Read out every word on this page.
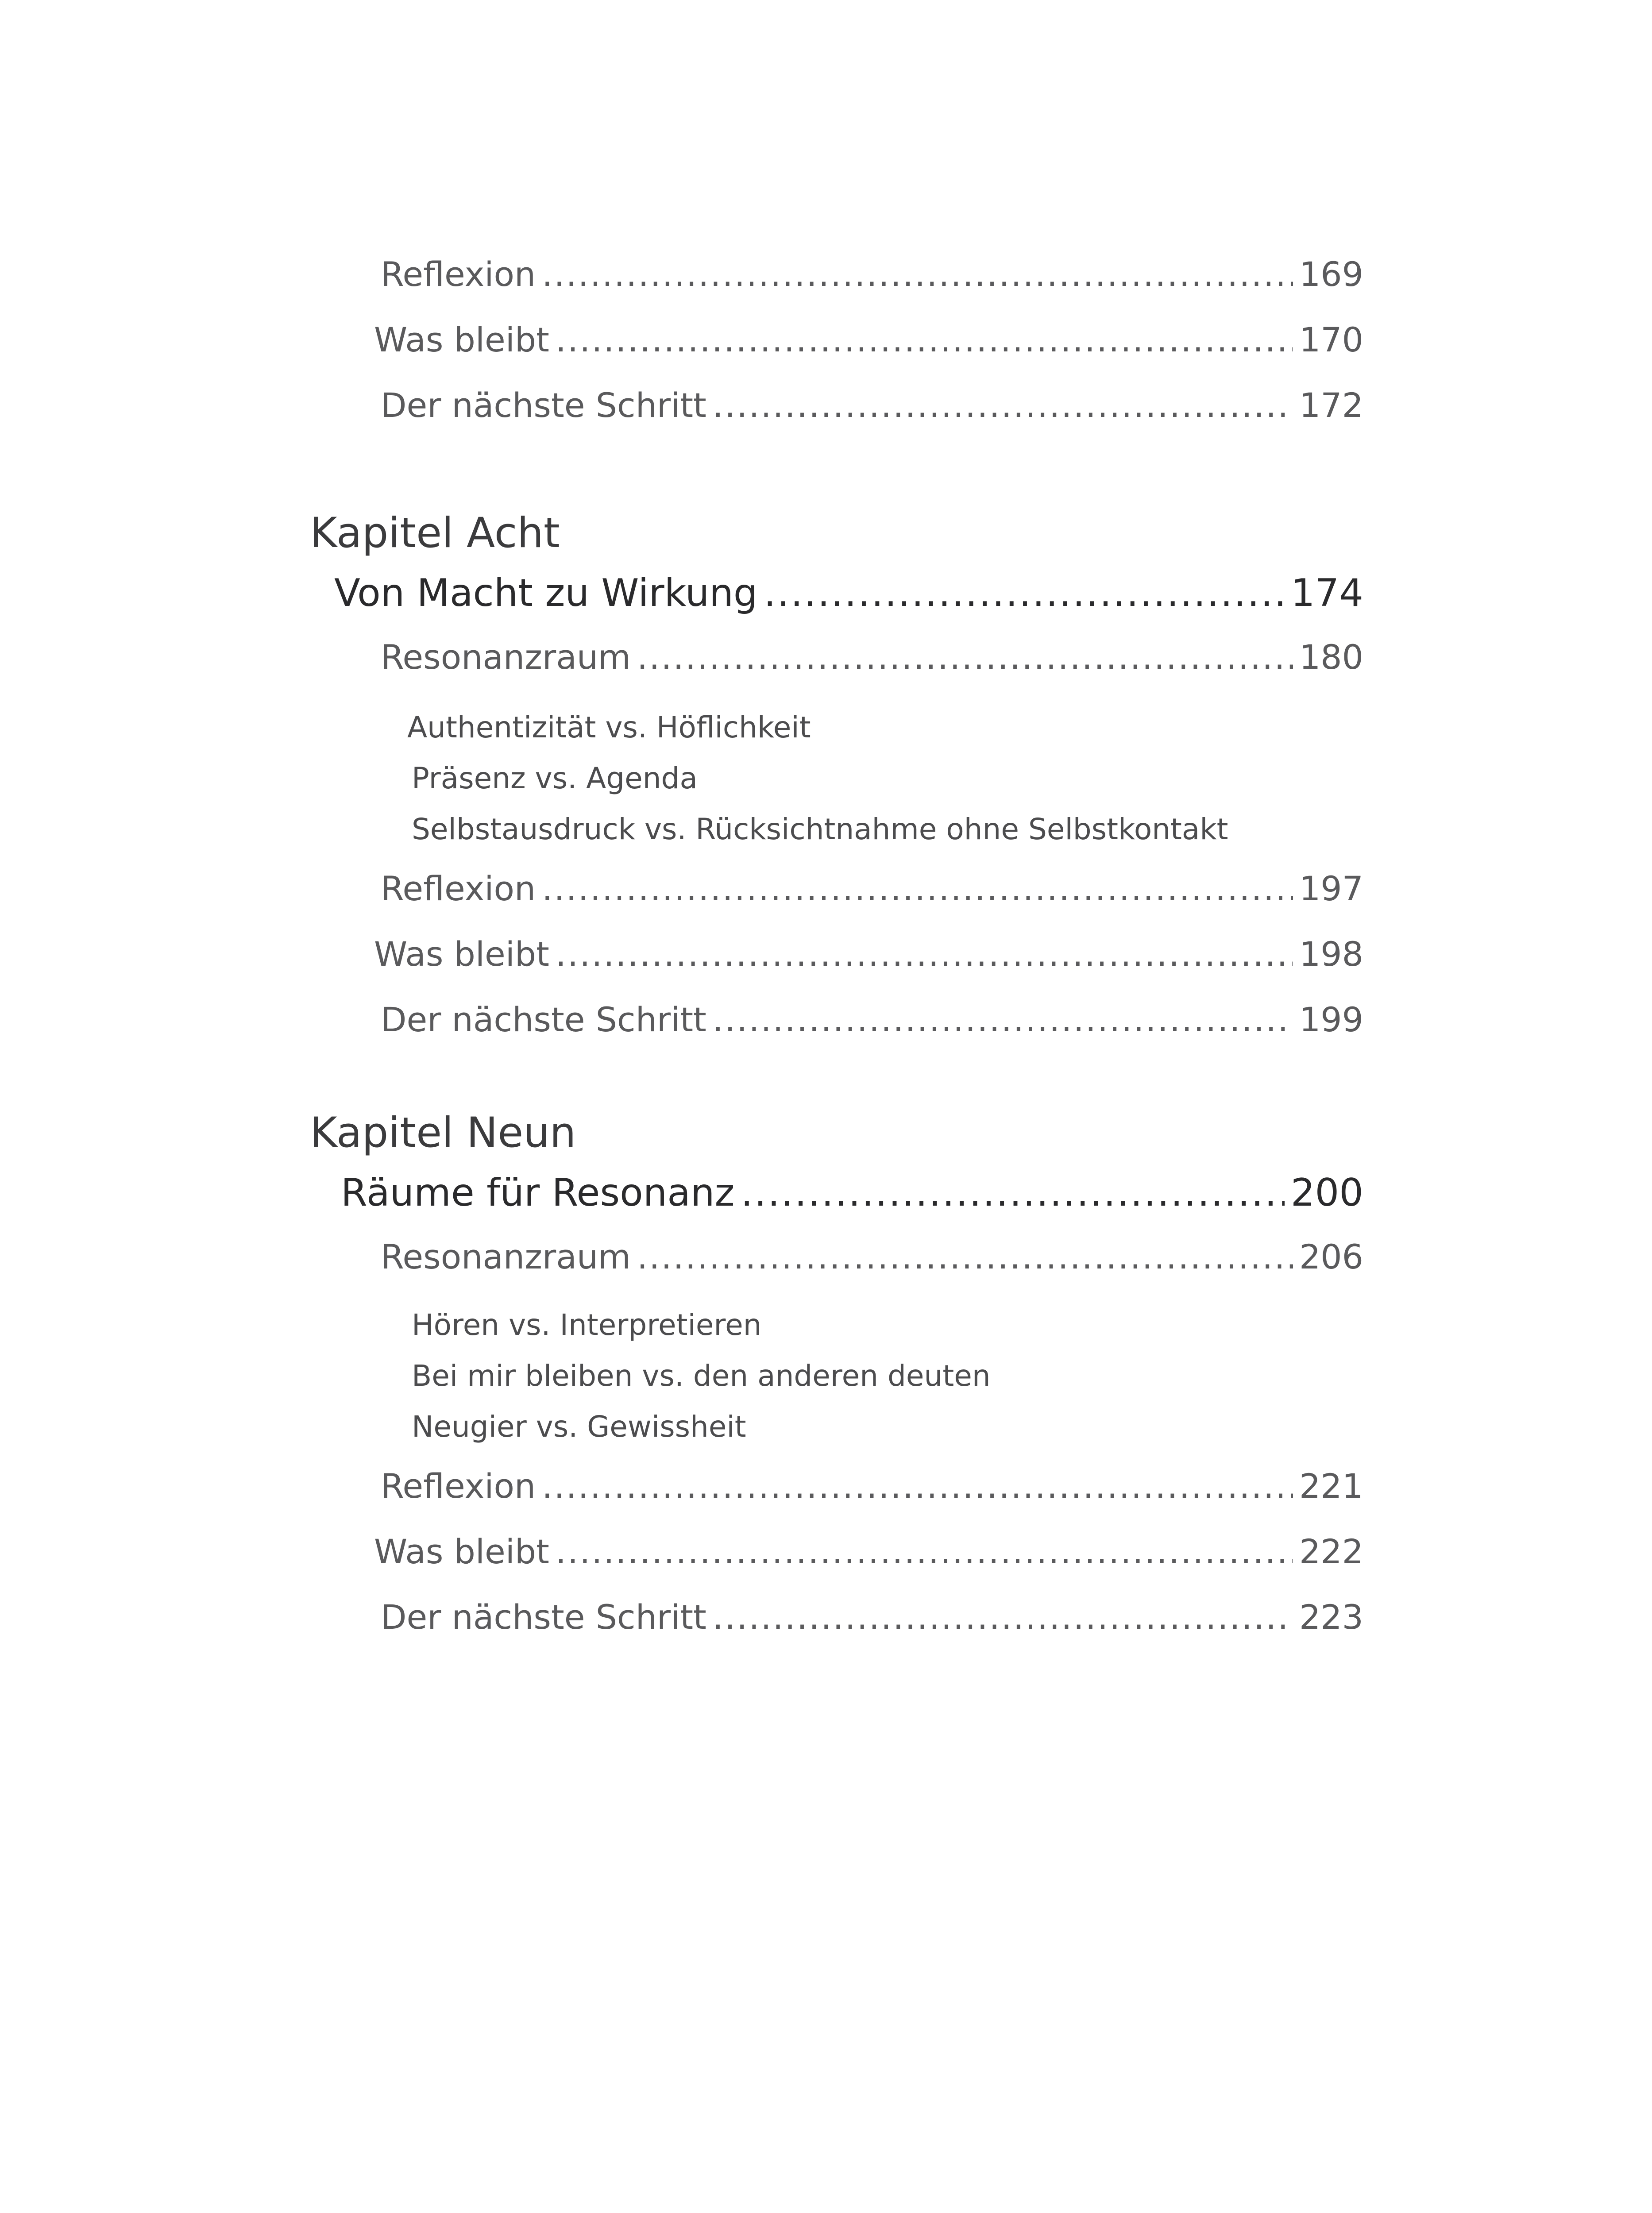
Reflexion .....	169
Was bleibt .....	170
Der nächste Schritt .....	172
Kapitel Acht
Von Macht zu Wirkung .....	174
Resonanzraum .....	180
Authentizität vs. Höflichkeit
Präsenz vs. Agenda
Selbstausdruck vs. Rücksichtnahme ohne Selbstkontakt
Reflexion .....	197
Was bleibt .....	198
Der nächste Schritt .....	199
Kapitel Neun
Räume für Resonanz .....	200
Resonanzraum .....	206
Hören vs. Interpretieren
Bei mir bleiben vs. den anderen deuten
Neugier vs. Gewissheit
Reflexion .....	221
Was bleibt .....	222
Der nächste Schritt .....	223
